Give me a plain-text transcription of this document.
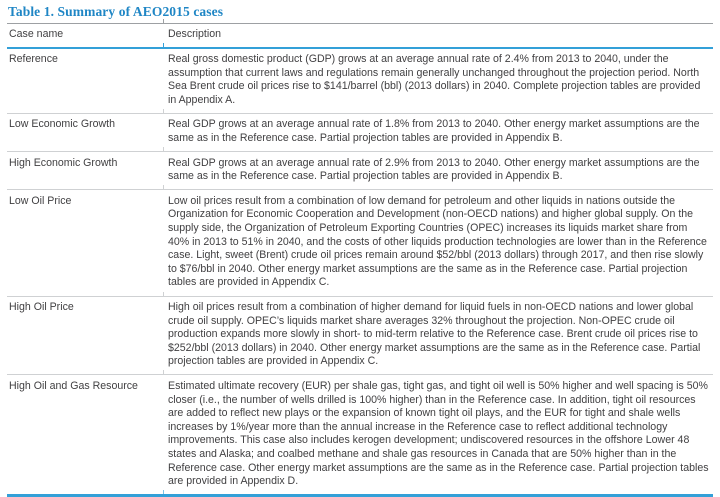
Table 1. Summary of AEO2015 cases
Case name	Description
Reference	Real gross domestic product (GDP) grows at an average annual rate of 2.4% from 2013 to 2040, under the assumption that current laws and regulations remain generally unchanged throughout the projection period. North Sea Brent crude oil prices rise to $141/barrel (bbl) (2013 dollars) in 2040. Complete projection tables are provided in Appendix A.
Low Economic Growth	Real GDP grows at an average annual rate of 1.8% from 2013 to 2040. Other energy market assumptions are the same as in the Reference case. Partial projection tables are provided in Appendix B.
High Economic Growth	Real GDP grows at an average annual rate of 2.9% from 2013 to 2040. Other energy market assumptions are the same as in the Reference case. Partial projection tables are provided in Appendix B.
Low Oil Price	Low oil prices result from a combination of low demand for petroleum and other liquids in nations outside the Organization for Economic Cooperation and Development (non-OECD nations) and higher global supply. On the supply side, the Organization of Petroleum Exporting Countries (OPEC) increases its liquids market share from 40% in 2013 to 51% in 2040, and the costs of other liquids production technologies are lower than in the Reference case. Light, sweet (Brent) crude oil prices remain around $52/bbl (2013 dollars) through 2017, and then rise slowly to $76/bbl in 2040. Other energy market assumptions are the same as in the Reference case. Partial projection tables are provided in Appendix C.
High Oil Price	High oil prices result from a combination of higher demand for liquid fuels in non-OECD nations and lower global crude oil supply. OPEC’s liquids market share averages 32% throughout the projection. Non-OPEC crude oil production expands more slowly in short- to mid-term relative to the Reference case. Brent crude oil prices rise to $252/bbl (2013 dollars) in 2040. Other energy market assumptions are the same as in the Reference case. Partial projection tables are provided in Appendix C.
High Oil and Gas Resource	Estimated ultimate recovery (EUR) per shale gas, tight gas, and tight oil well is 50% higher and well spacing is 50% closer (i.e., the number of wells drilled is 100% higher) than in the Reference case. In addition, tight oil resources are added to reflect new plays or the expansion of known tight oil plays, and the EUR for tight and shale wells increases by 1%/year more than the annual increase in the Reference case to reflect additional technology improvements. This case also includes kerogen development; undiscovered resources in the offshore Lower 48 states and Alaska; and coalbed methane and shale gas resources in Canada that are 50% higher than in the Reference case. Other energy market assumptions are the same as in the Reference case. Partial projection tables are provided in Appendix D.
